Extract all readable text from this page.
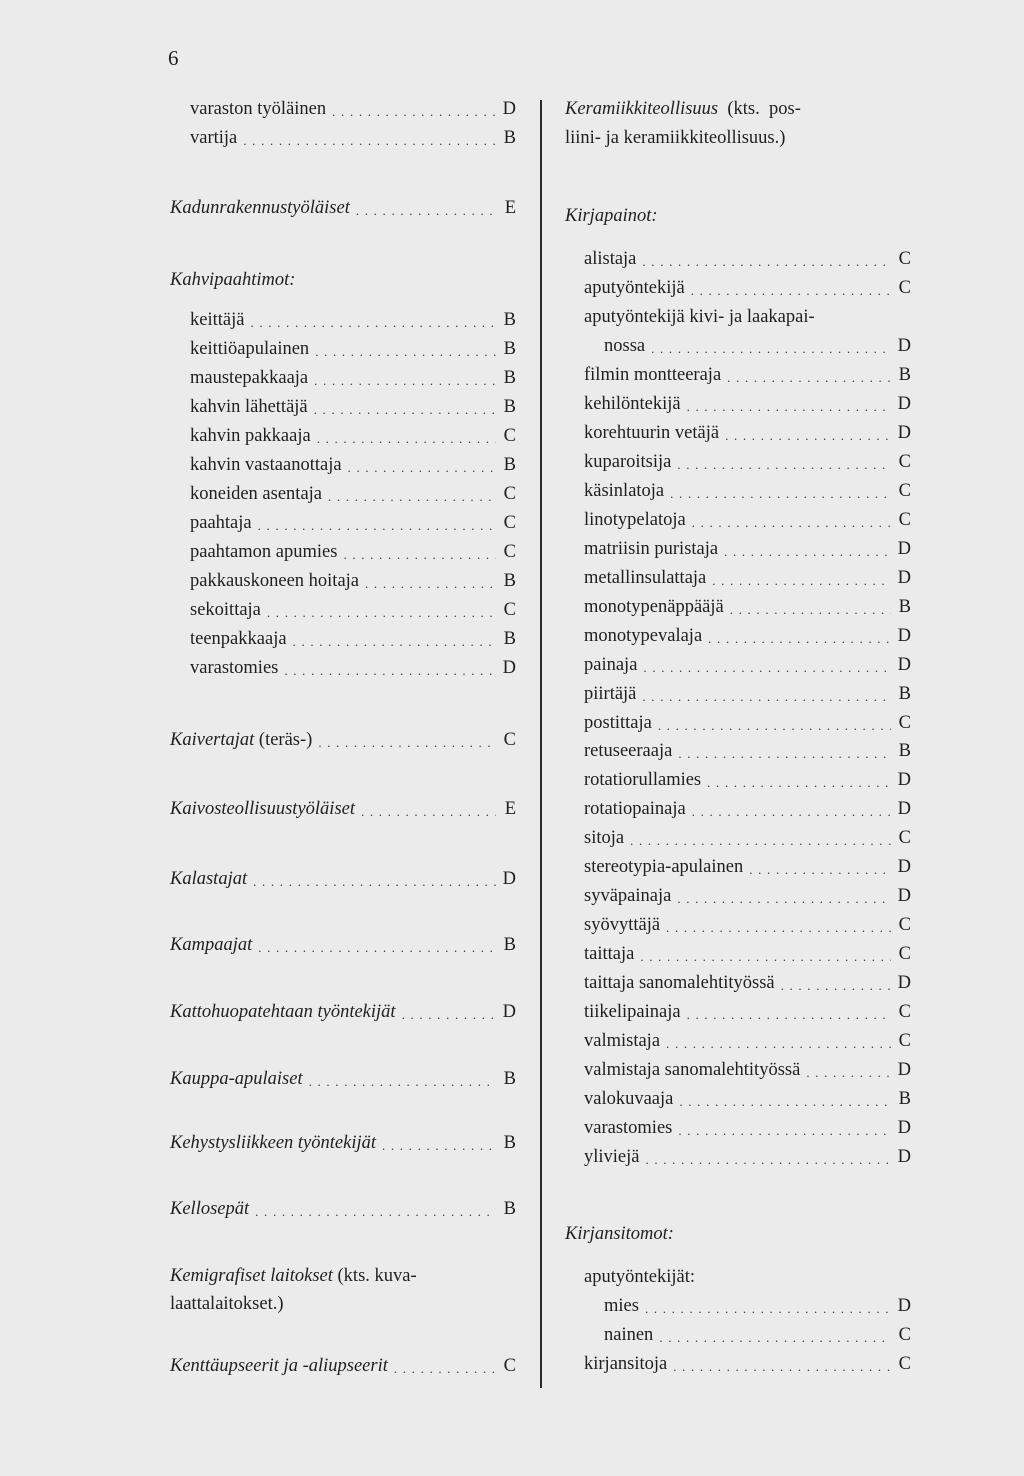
6
varaston työläinen . . .	D
vartija . . .	B
Kadunrakennustyöläiset . . .	E
Kahvipaahtimot:
keittäjä . . .	B
keittiöapulainen . . .	B
maustepakkaaja . . .	B
kahvin lähettäjä . . .	B
kahvin pakkaaja . . .	C
kahvin vastaanottaja . . .	B
koneiden asentaja . . .	C
paahtaja . . .	C
paahtamon apumies . . .	C
pakkauskoneen hoitaja . . .	B
sekoittaja . . .	C
teenpakkaaja . . .	B
varastomies . . .	D
Kaivertajat (teräs-) . . .	C
Kaivosteollisuustyöläiset . . .	E
Kalastajat . . .	D
Kampaajat . . .	B
Kattohuopatehtaan työntekijät . . .	D
Kauppa-apulaiset . . .	B
Kehystysliikkeen työntekijät . . .	B
Kellosepät . . .	B
Kemigrafiset laitokset (kts. kuva-
laattalaitokset.)
Kenttäupseerit ja -aliupseerit . . .	C
Keramiikkiteollisuus  (kts.  pos-
liini- ja keramiikkiteollisuus.)
Kirjapainot:
alistaja . . .	C
aputyöntekijä . . .	C
aputyöntekijä kivi- ja laakapai-
nossa . . .	D
filmin montteeraja . . .	B
kehilöntekijä . . .	D
korehtuurin vetäjä . . .	D
kuparoitsija . . .	C
käsinlatoja . . .	C
linotypelatoja . . .	C
matriisin puristaja . . .	D
metallinsulattaja . . .	D
monotypenäppääjä . . .	B
monotypevalaja . . .	D
painaja . . .	D
piirtäjä . . .	B
postittaja . . .	C
retuseeraaja . . .	B
rotatiorullamies . . .	D
rotatiopainaja . . .	D
sitoja . . .	C
stereotypia-apulainen . . .	D
syväpainaja . . .	D
syövyttäjä . . .	C
taittaja . . .	C
taittaja sanomalehtityössä . . .	D
tiikelipainaja . . .	C
valmistaja . . .	C
valmistaja sanomalehtityössä . . .	D
valokuvaaja . . .	B
varastomies . . .	D
yliviejä . . .	D
Kirjansitomot:
aputyöntekijät:
mies . . .	D
nainen . . .	C
kirjansitoja . . .	C
